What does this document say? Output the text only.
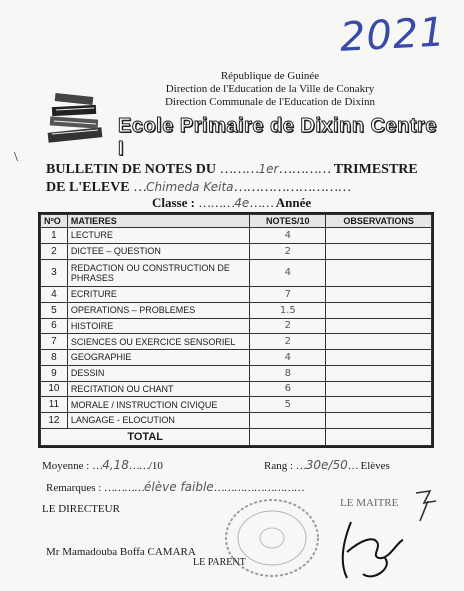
2021
République de Guinée
Direction de l'Education de la Ville de Conakry
Direction Communale de l'Education de Dixinn
Ecole Primaire de Dixinn Centre I
\
BULLETIN DE NOTES DU ………1er………… TRIMESTRE
DE L'ELEVE …Chimeda Keita………………………
Classe : ………4e…… Année
NºO	MATIERES	NOTES/10	OBSERVATIONS
1	LECTURE	4	
2	DICTEE – QUESTION	2	
3	REDACTION OU CONSTRUCTION DE PHRASES	4	
4	ECRITURE	7	
5	OPERATIONS – PROBLEMES	1.5	
6	HISTOIRE	2	
7	SCIENCES OU EXERCICE SENSORIEL	2	
8	GEOGRAPHIE	4	
9	DESSIN	8	
10	RECITATION OU CHANT	6	
11	MORALE / INSTRUCTION CIVIQUE	5	
12	LANGAGE - ELOCUTION		
TOTAL			
Moyenne : …4,18……/10	Rang : …30e/50… Elèves
Remarques : …………élève faible………………………
LE DIRECTEUR	LE MAITRE
Mr Mamadouba Boffa CAMARA
LE PARENT
